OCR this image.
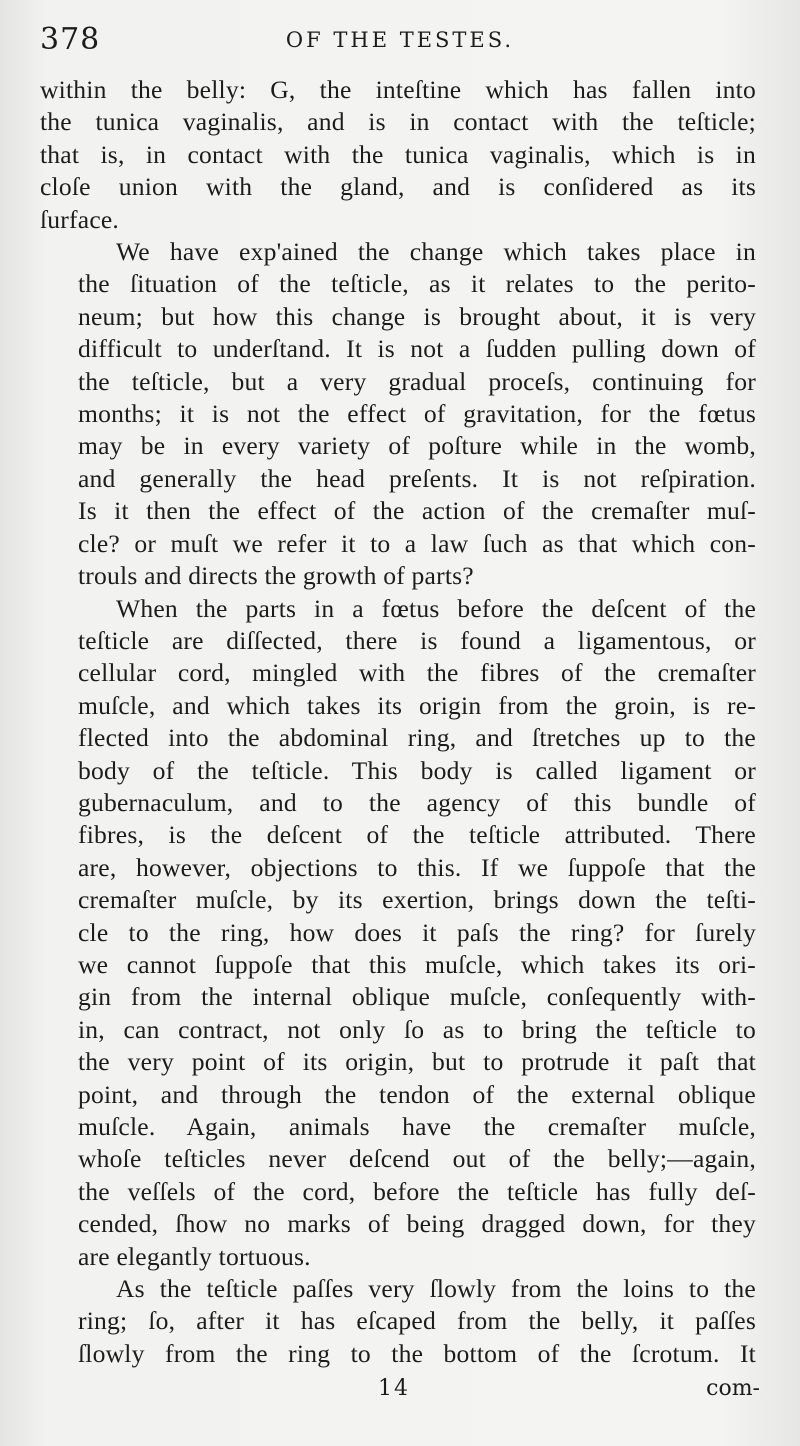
378	OF THE TESTES.
within the belly: G, the inteſtine which has fallen into
the tunica vaginalis, and is in contact with the teſticle;
that is, in contact with the tunica vaginalis, which is in
cloſe union with the gland, and is conſidered as its
ſurface.
We have exp'ained the change which takes place in
the ſituation of the teſticle, as it relates to the perito-
neum; but how this change is brought about, it is very
difficult to underſtand. It is not a ſudden pulling down of
the teſticle, but a very gradual proceſs, continuing for
months; it is not the effect of gravitation, for the fœtus
may be in every variety of poſture while in the womb,
and generally the head preſents. It is not reſpiration.
Is it then the effect of the action of the cremaſter muſ-
cle? or muſt we refer it to a law ſuch as that which con-
trouls and directs the growth of parts?
When the parts in a fœtus before the deſcent of the
teſticle are diſſected, there is found a ligamentous, or
cellular cord, mingled with the fibres of the cremaſter
muſcle, and which takes its origin from the groin, is re-
flected into the abdominal ring, and ſtretches up to the
body of the teſticle. This body is called ligament or
gubernaculum, and to the agency of this bundle of
fibres, is the deſcent of the teſticle attributed. There
are, however, objections to this. If we ſuppoſe that the
cremaſter muſcle, by its exertion, brings down the teſti-
cle to the ring, how does it paſs the ring? for ſurely
we cannot ſuppoſe that this muſcle, which takes its ori-
gin from the internal oblique muſcle, conſequently with-
in, can contract, not only ſo as to bring the teſticle to
the very point of its origin, but to protrude it paſt that
point, and through the tendon of the external oblique
muſcle. Again, animals have the cremaſter muſcle,
whoſe teſticles never deſcend out of the belly;—again,
the veſſels of the cord, before the teſticle has fully deſ-
cended, ſhow no marks of being dragged down, for they
are elegantly tortuous.
As the teſticle paſſes very ſlowly from the loins to the
ring; ſo, after it has eſcaped from the belly, it paſſes
ſlowly from the ring to the bottom of the ſcrotum. It
14	com-
